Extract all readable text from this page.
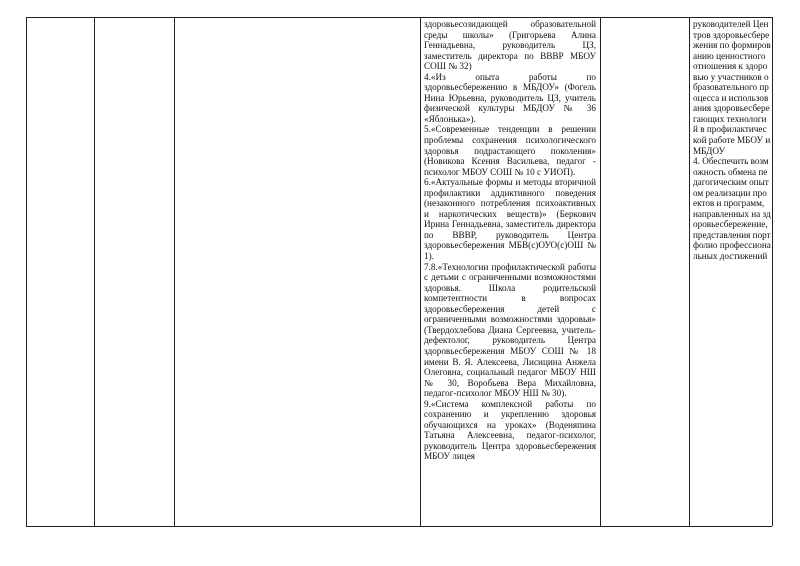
здоровьесозидающей образовательной среды школы» (Григорьева Алина Геннадьевна, руководитель ЦЗ, заместитель директора по ВВВР МБОУ СОШ № 32)

4.«Из опыта работы по здоровьесбережению в МБДОУ» (Фогель Нина Юрьевна, руководитель ЦЗ, учитель физической культуры МБДОУ № 36 «Яблонька»).

5.«Современные тенденции в решении проблемы сохранения психологического здоровья подрастающего поколения» (Новикова Ксения Васильева, педагог - психолог МБОУ СОШ № 10 с УИОП).

6.«Актуальные формы и методы вторичной профилактики аддиктивного поведения (незаконного потребления психоактивных и наркотических веществ)» (Беркович Ирина Геннадьевна, заместитель директора по ВВВР, руководитель Центра здоровьесбережения МБВ(с)ОУО(с)ОШ № 1).

7.8.«Технологии профилактической работы с детьми с ограниченными возможностями здоровья. Школа родительской компетентности в вопросах здоровьесбережения детей с ограниченными возможностями здоровья» (Твердохлебова Диана Сергеевна, учитель-дефектолог, руководитель Центра здоровьесбережения МБОУ СОШ № 18 имени В. Я. Алексеева, Лисицина Анжела Олеговна, социальный педагог МБОУ НШ № 30, Воробьева Вера Михайловна, педагог-психолог МБОУ НШ № 30).

9.«Система комплексной работы по сохранению и укреплению здоровья обучающихся на уроках» (Воденяпина Татьяна Алексеевна, педагог-психолог, руководитель Центра здоровьесбережения МБОУ лицея

руководителей Центров здоровьесбережения по формированию ценностного отношения к здоровью у участников образовательного процесса и использования здоровьесберегающих технологий в профилактической работе МБОУ и МБДОУ

4. Обеспечить возможность обмена педагогическим опытом реализации проектов и программ, направленных на здоровьесбережение, представления портфолио профессиональных достижений
